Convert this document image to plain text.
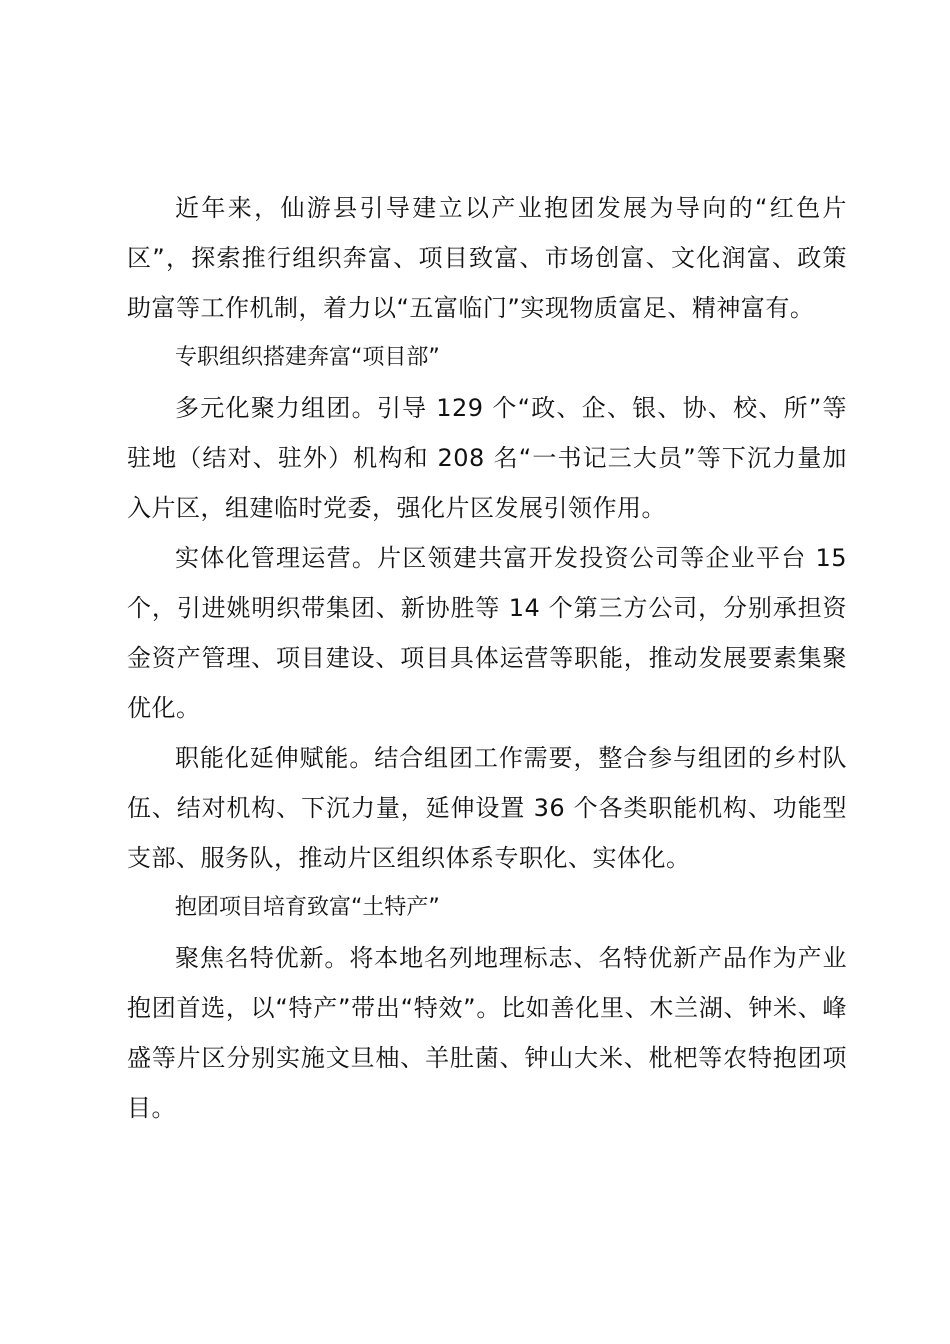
近年来，仙游县引导建立以产业抱团发展为导向的“红色片区”，探索推行组织奔富、项目致富、市场创富、文化润富、政策助富等工作机制，着力以“五富临门”实现物质富足、精神富有。

专职组织搭建奔富“项目部”

多元化聚力组团。引导 129 个“政、企、银、协、校、所”等驻地（结对、驻外）机构和 208 名“一书记三大员”等下沉力量加入片区，组建临时党委，强化片区发展引领作用。

实体化管理运营。片区领建共富开发投资公司等企业平台 15 个，引进姚明织带集团、新协胜等 14 个第三方公司，分别承担资金资产管理、项目建设、项目具体运营等职能，推动发展要素集聚优化。

职能化延伸赋能。结合组团工作需要，整合参与组团的乡村队伍、结对机构、下沉力量，延伸设置 36 个各类职能机构、功能型支部、服务队，推动片区组织体系专职化、实体化。

抱团项目培育致富“土特产”

聚焦名特优新。将本地名列地理标志、名特优新产品作为产业抱团首选，以“特产”带出“特效”。比如善化里、木兰湖、钟米、峰盛等片区分别实施文旦柚、羊肚菌、钟山大米、枇杷等农特抱团项目。
